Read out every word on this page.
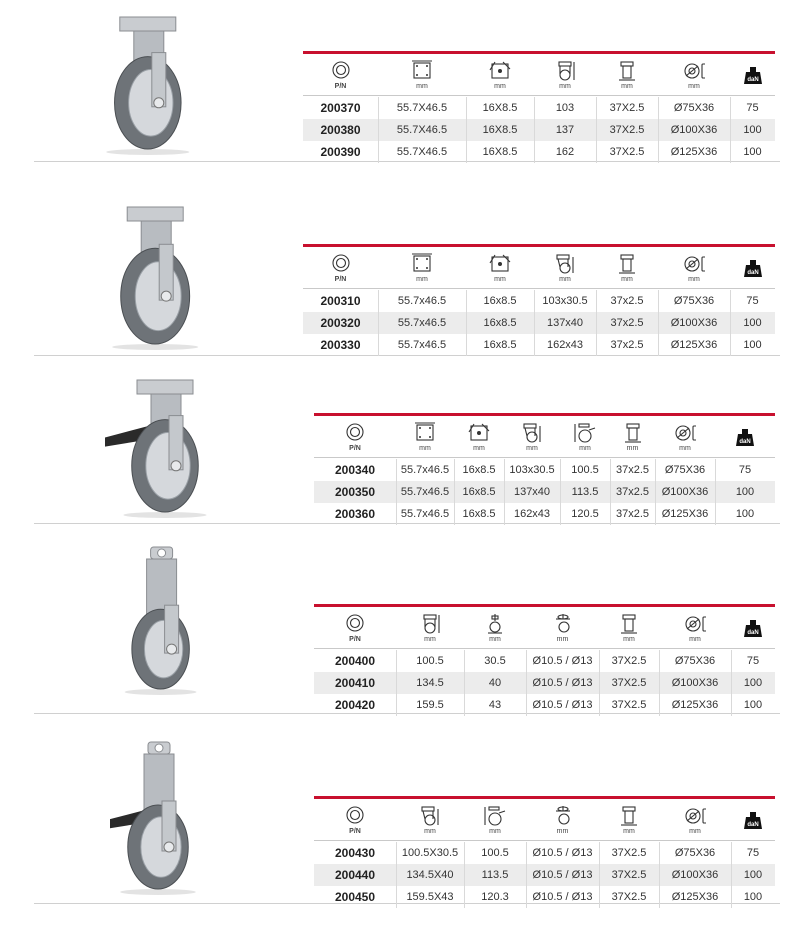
P/N	mm	mm	mm	mm	mm
daN
200370	55.7X46.5	16X8.5	103	37X2.5	Ø75X36	75
200380	55.7X46.5	16X8.5	137	37X2.5	Ø100X36	100
200390	55.7X46.5	16X8.5	162	37X2.5	Ø125X36	100
P/N	mm	mm	mm	mm	mm
daN
200310	55.7x46.5	16x8.5	103x30.5	37x2.5	Ø75X36	75
200320	55.7x46.5	16x8.5	137x40	37x2.5	Ø100X36	100
200330	55.7x46.5	16x8.5	162x43	37x2.5	Ø125X36	100
P/N	mm	mm	mm	mm	mm	mm
daN
200340	55.7x46.5	16x8.5	103x30.5	100.5	37x2.5	Ø75X36	75
200350	55.7x46.5	16x8.5	137x40	113.5	37x2.5	Ø100X36	100
200360	55.7x46.5	16x8.5	162x43	120.5	37x2.5	Ø125X36	100
P/N	mm	mm	mm	mm	mm
daN
200400	100.5	30.5	Ø10.5 / Ø13	37X2.5	Ø75X36	75
200410	134.5	40	Ø10.5 / Ø13	37X2.5	Ø100X36	100
200420	159.5	43	Ø10.5 / Ø13	37X2.5	Ø125X36	100
P/N	mm	mm	mm	mm	mm
daN
200430	100.5X30.5	100.5	Ø10.5 / Ø13	37X2.5	Ø75X36	75
200440	134.5X40	113.5	Ø10.5 / Ø13	37X2.5	Ø100X36	100
200450	159.5X43	120.3	Ø10.5 / Ø13	37X2.5	Ø125X36	100
